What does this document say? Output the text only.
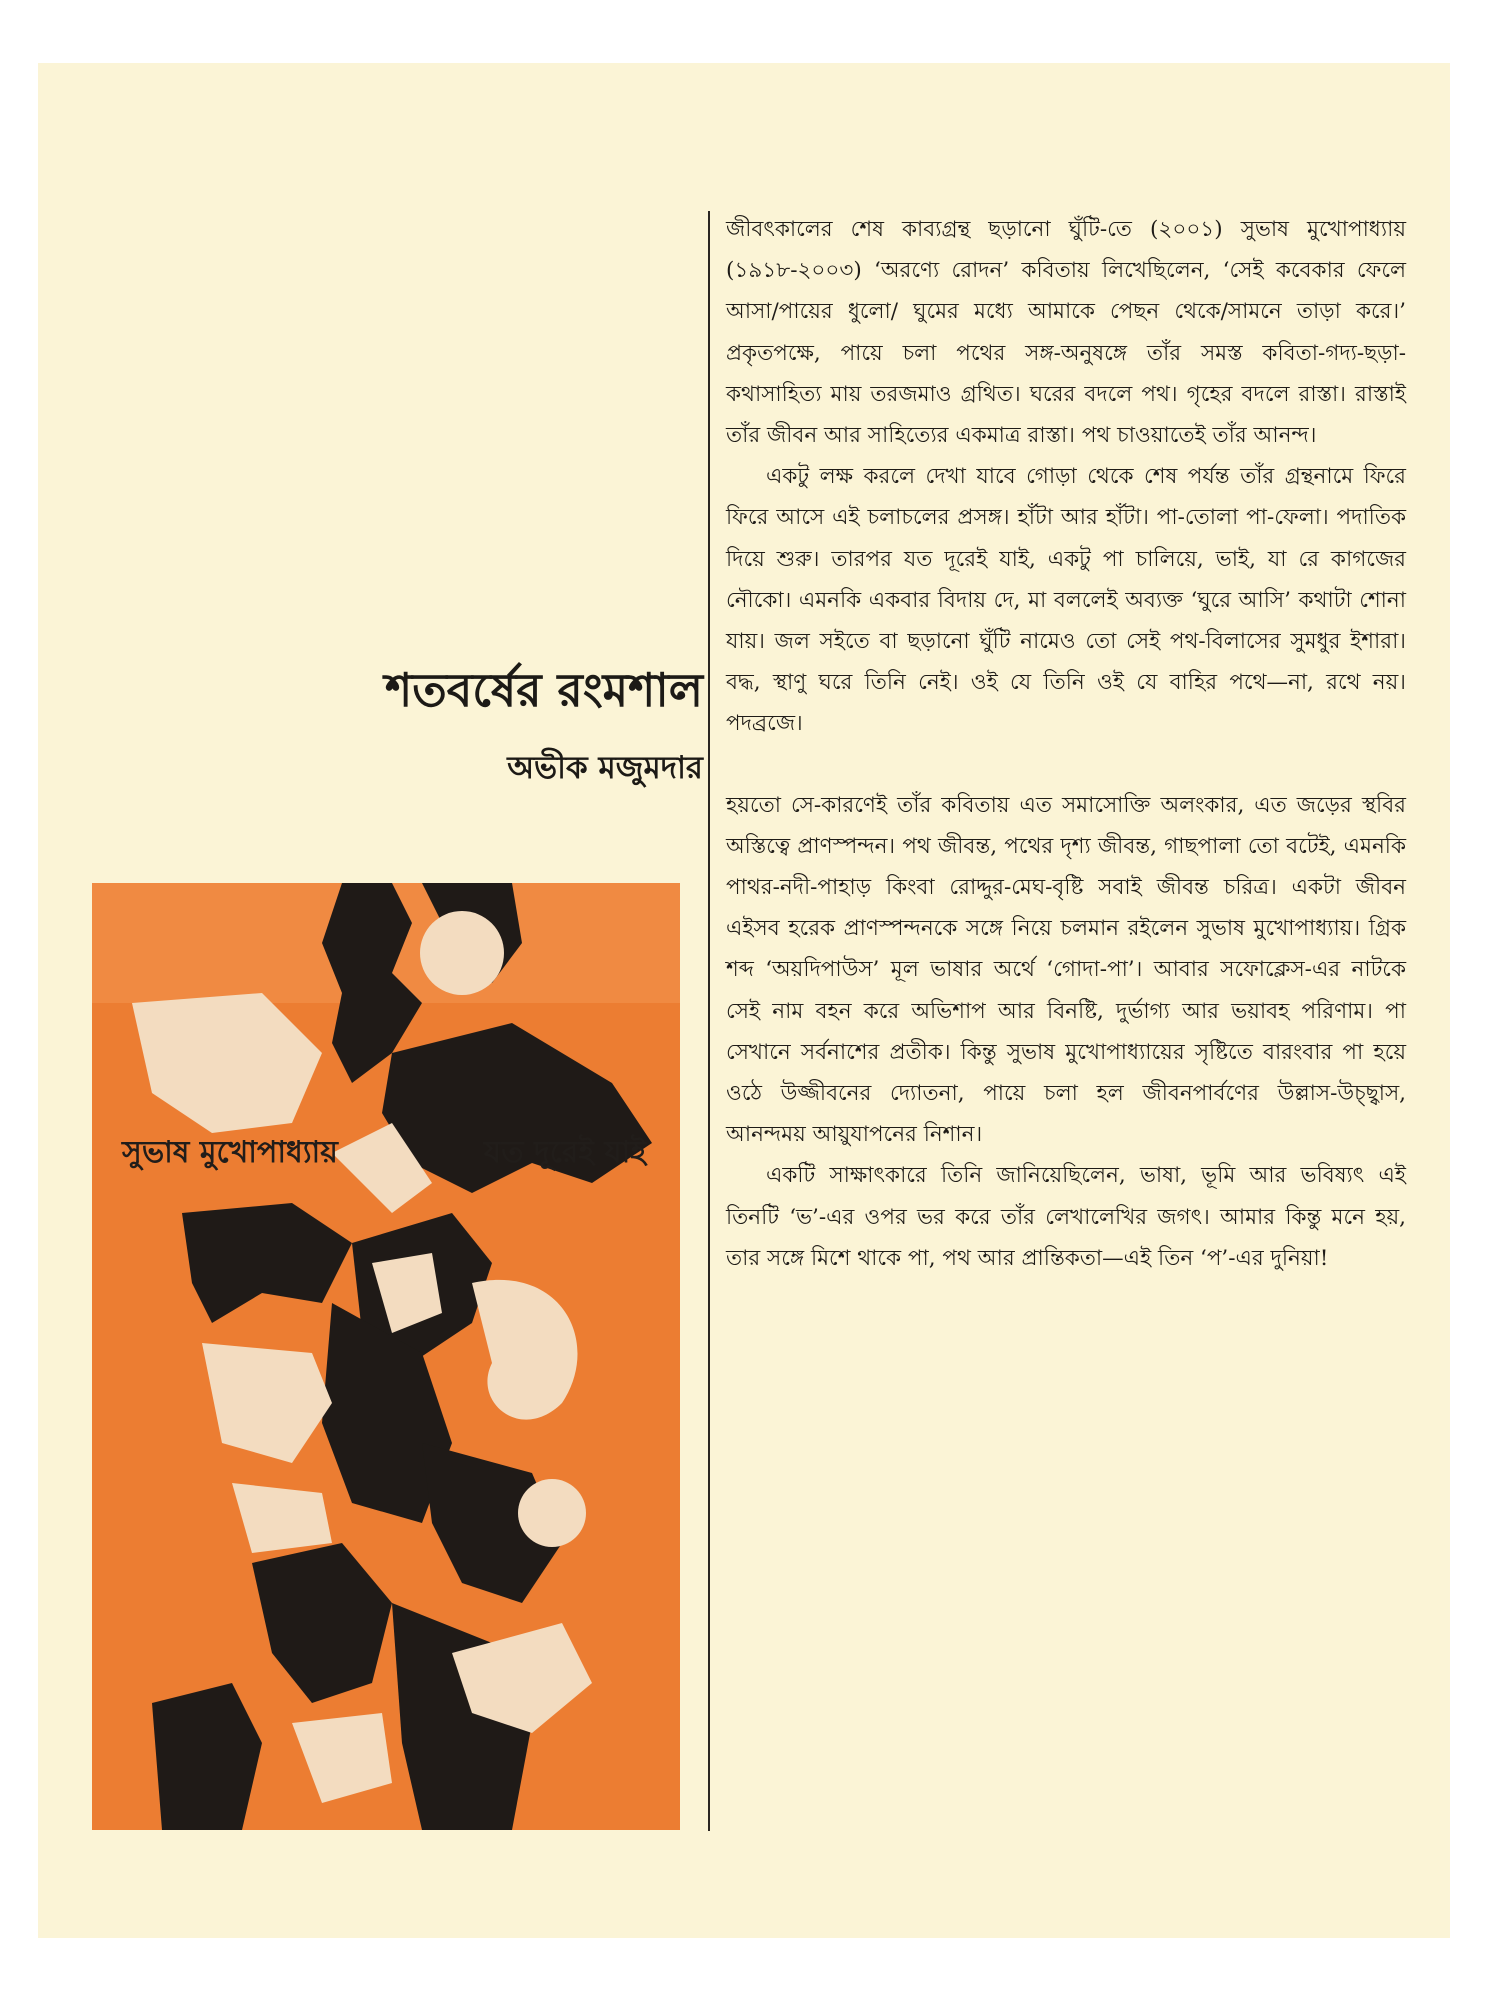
শতবর্ষের রংমশাল
অভীক মজুমদার
সুভাষ মুখোপাধ্যায়	যত দূরেই যাই

জীবৎকালের শেষ কাব্যগ্রন্থ ছড়ানো ঘুঁটি-তে (২০০১) সুভাষ মুখোপাধ্যায় (১৯১৮-২০০৩) ‘অরণ্যে রোদন’ কবিতায় লিখেছিলেন, ‘সেই কবেকার ফেলে আসা/পায়ের ধুলো/ ঘুমের মধ্যে আমাকে পেছন থেকে/সামনে তাড়া করে।’ প্রকৃতপক্ষে, পায়ে চলা পথের সঙ্গ-অনুষঙ্গে তাঁর সমস্ত কবিতা-গদ্য-ছড়া-কথাসাহিত্য মায় তরজমাও গ্রথিত। ঘরের বদলে পথ। গৃহের বদলে রাস্তা। রাস্তাই তাঁর জীবন আর সাহিত্যের একমাত্র রাস্তা। পথ চাওয়াতেই তাঁর আনন্দ।

একটু লক্ষ করলে দেখা যাবে গোড়া থেকে শেষ পর্যন্ত তাঁর গ্রন্থনামে ফিরে ফিরে আসে এই চলাচলের প্রসঙ্গ। হাঁটা আর হাঁটা। পা-তোলা পা-ফেলা। পদাতিক দিয়ে শুরু। তারপর যত দূরেই যাই, একটু পা চালিয়ে, ভাই, যা রে কাগজের নৌকো। এমনকি একবার বিদায় দে, মা বললেই অব্যক্ত ‘ঘুরে আসি’ কথাটা শোনা যায়। জল সইতে বা ছড়ানো ঘুঁটি নামেও তো সেই পথ-বিলাসের সুমধুর ইশারা। বদ্ধ, স্থাণু ঘরে তিনি নেই। ওই যে তিনি ওই যে বাহির পথে—না, রথে নয়। পদব্রজে।

হয়তো সে-কারণেই তাঁর কবিতায় এত সমাসোক্তি অলংকার, এত জড়ের স্থবির অস্তিত্বে প্রাণস্পন্দন। পথ জীবন্ত, পথের দৃশ্য জীবন্ত, গাছপালা তো বটেই, এমনকি পাথর-নদী-পাহাড় কিংবা রোদ্দুর-মেঘ-বৃষ্টি সবাই জীবন্ত চরিত্র। একটা জীবন এইসব হরেক প্রাণস্পন্দনকে সঙ্গে নিয়ে চলমান রইলেন সুভাষ মুখোপাধ্যায়। গ্রিক শব্দ ‘অয়দিপাউস’ মূল ভাষার অর্থে ‘গোদা-পা’। আবার সফোক্লেস-এর নাটকে সেই নাম বহন করে অভিশাপ আর বিনষ্টি, দুর্ভাগ্য আর ভয়াবহ পরিণাম। পা সেখানে সর্বনাশের প্রতীক। কিন্তু সুভাষ মুখোপাধ্যায়ের সৃষ্টিতে বারংবার পা হয়ে ওঠে উজ্জীবনের দ্যোতনা, পায়ে চলা হল জীবনপার্বণের উল্লাস-উচ্ছ্বাস, আনন্দময় আয়ুযাপনের নিশান।

একটি সাক্ষাৎকারে তিনি জানিয়েছিলেন, ভাষা, ভূমি আর ভবিষ্যৎ এই তিনটি ‘ভ’-এর ওপর ভর করে তাঁর লেখালেখির জগৎ। আমার কিন্তু মনে হয়, তার সঙ্গে মিশে থাকে পা, পথ আর প্রান্তিকতা—এই তিন ‘প’-এর দুনিয়া!
